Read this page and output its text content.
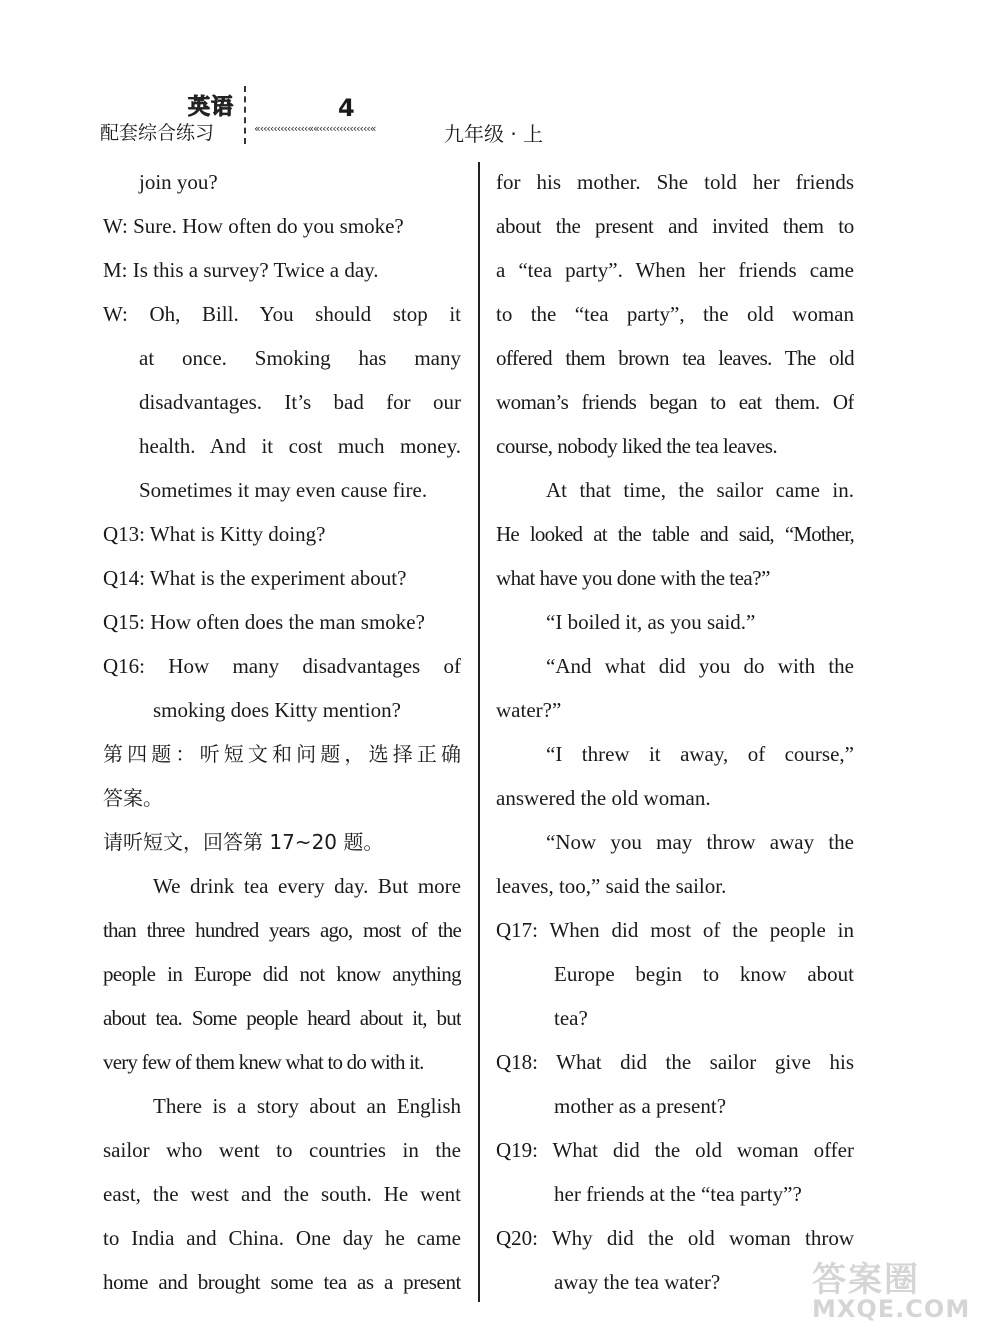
英语
配套综合练习
4
«‹‹‹‹‹‹‹‹‹‹‹‹‹‹««‹‹‹‹‹‹‹‹‹‹‹‹‹‹‹«	九年级 · 上
join you?
W: Sure. How often do you smoke?
M: Is this a survey? Twice a day.
W: Oh, Bill. You should stop it
at once. Smoking has many
disadvantages. It’s bad for our
health. And it cost much money.
Sometimes it may even cause fire.
Q13: What is Kitty doing?
Q14: What is the experiment about?
Q15: How often does the man smoke?
Q16: How many disadvantages of
smoking does Kitty mention?
第四题：听短文和问题，选择正确
答案。
请听短文，回答第 17~20 题。
We drink tea every day. But more
than three hundred years ago, most of the
people in Europe did not know anything
about tea. Some people heard about it, but
very few of them knew what to do with it.
There is a story about an English
sailor who went to countries in the
east, the west and the south. He went
to India and China. One day he came
home and brought some tea as a present
for his mother. She told her friends
about the present and invited them to
a “tea party”. When her friends came
to the “tea party”, the old woman
offered them brown tea leaves. The old
woman’s friends began to eat them. Of
course, nobody liked the tea leaves.
At that time, the sailor came in.
He looked at the table and said, “Mother,
what have you done with the tea?”
“I boiled it, as you said.”
“And what did you do with the
water?”
“I threw it away, of course,”
answered the old woman.
“Now you may throw away the
leaves, too,” said the sailor.
Q17: When did most of the people in
Europe begin to know about
tea?
Q18: What did the sailor give his
mother as a present?
Q19: What did the old woman offer
her friends at the “tea party”?
Q20: Why did the old woman throw
away the tea water?	答案圈
MXQE.COM
